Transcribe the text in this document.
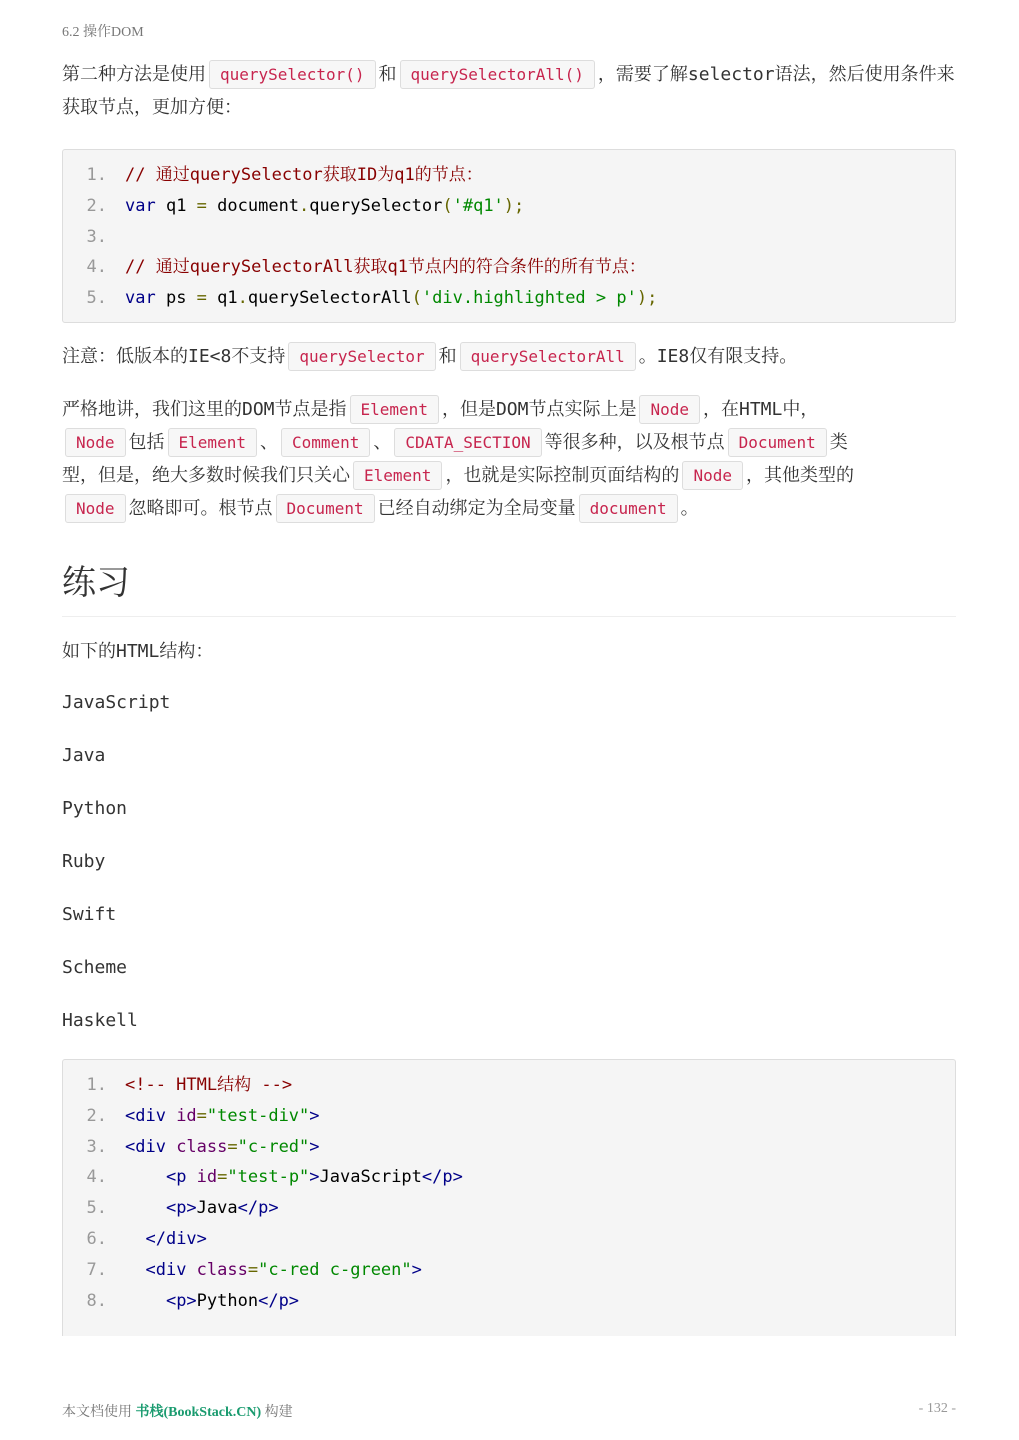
6.2 操作DOM

第二种方法是使用 querySelector() 和 querySelectorAll() ，需要了解selector语法，然后使用条件来获取节点，更加方便：

1.	// 通过querySelector获取ID为q1的节点：
2.	var q1 = document.querySelector('#q1');
3.
4.	// 通过querySelectorAll获取q1节点内的符合条件的所有节点：
5.	var ps = q1.querySelectorAll('div.highlighted > p');

注意：低版本的IE<8不支持 querySelector 和 querySelectorAll 。IE8仅有限支持。

严格地讲，我们这里的DOM节点是指 Element ，但是DOM节点实际上是 Node ，在HTML中，Node 包括 Element 、 Comment 、 CDATA_SECTION 等很多种，以及根节点 Document 类型，但是，绝大多数时候我们只关心 Element ，也就是实际控制页面结构的 Node ，其他类型的Node 忽略即可。根节点 Document 已经自动绑定为全局变量 document 。

练习

如下的HTML结构：

JavaScript

Java

Python

Ruby

Swift

Scheme

Haskell

1.	<!-- HTML结构 -->
2.	<div id = "test-div" >
3.	<div class = "c-red" >
4.
	<p id = "test-p" > JavaScript </p>
5.
	<p> Java </p>
6.
	</div>
7.
	<div class = "c-red c-green" >
8.
	<p> Python </p>
本文档使用 书栈(BookStack.CN) 构建	- 132 -
